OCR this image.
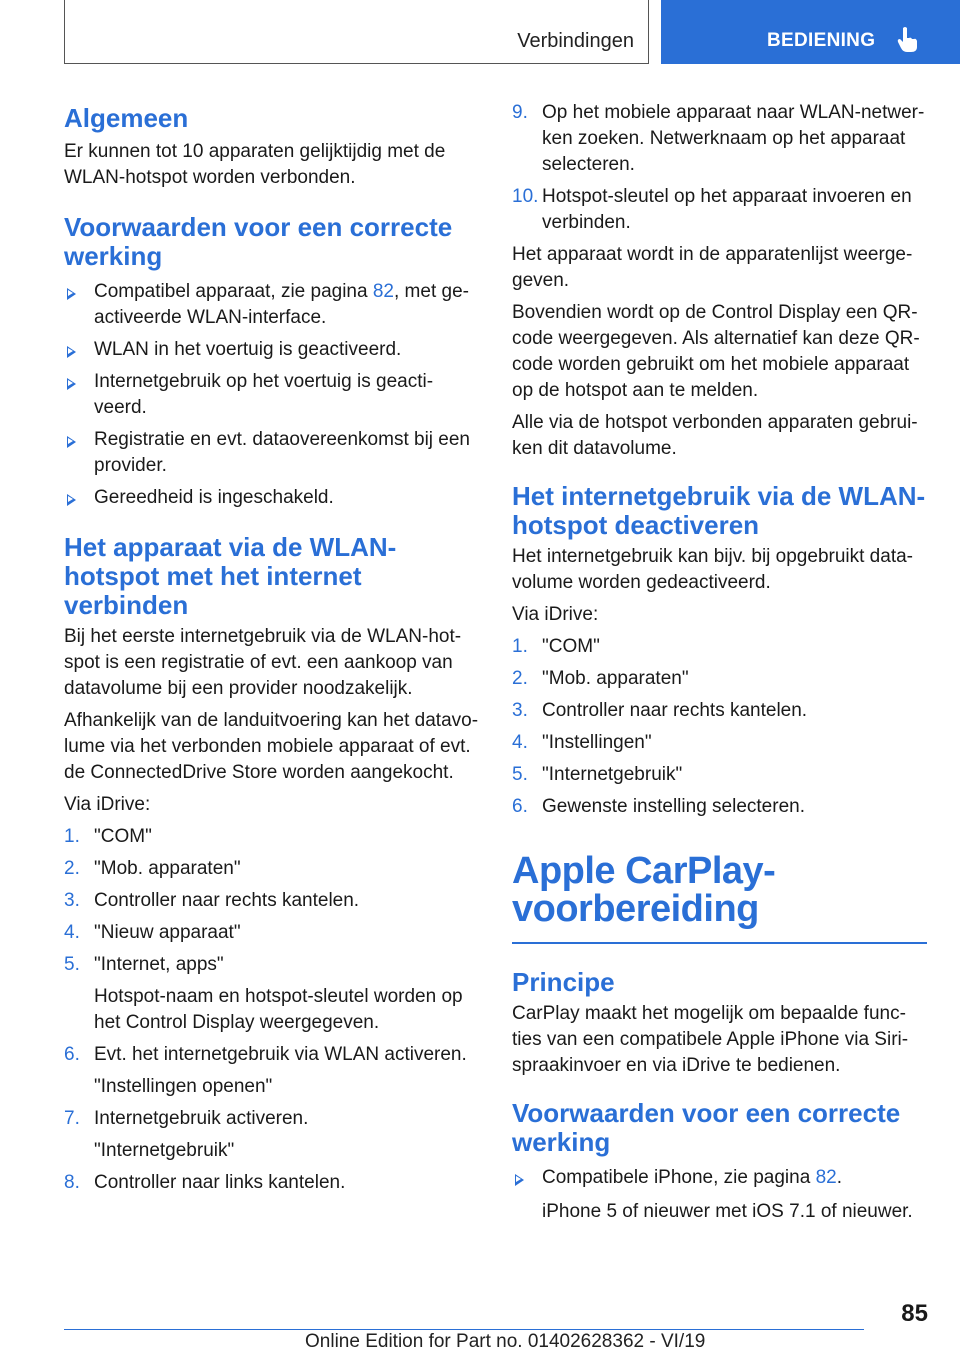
Verbindingen	BEDIENING
Algemeen

Er kunnen tot 10 apparaten gelijktijdig met de WLAN-hotspot worden verbonden.

Voorwaarden voor een correcte werking
Compatibel apparaat, zie pagina 82, met geactiveerde WLAN-interface.
WLAN in het voertuig is geactiveerd.
Internetgebruik op het voertuig is geactiveerd.
Registratie en evt. dataovereenkomst bij een provider.
Gereedheid is ingeschakeld.
Het apparaat via de WLAN-hotspot met het internet verbinden

Bij het eerste internetgebruik via de WLAN-hotspot is een registratie of evt. een aankoop van datavolume bij een provider noodzakelijk.

Afhankelijk van de landuitvoering kan het datavolume via het verbonden mobiele apparaat of evt. de ConnectedDrive Store worden aangekocht.

Via iDrive:

1. "COM"
2. "Mob. apparaten"
3. Controller naar rechts kantelen.
4. "Nieuw apparaat"
5. "Internet, apps"
Hotspot-naam en hotspot-sleutel worden op het Control Display weergegeven.
6. Evt. het internetgebruik via WLAN activeren.
"Instellingen openen"
7. Internetgebruik activeren.
"Internetgebruik"
8. Controller naar links kantelen.
9. Op het mobiele apparaat naar WLAN-netwerken zoeken. Netwerknaam op het apparaat selecteren.
10. Hotspot-sleutel op het apparaat invoeren en verbinden.

Het apparaat wordt in de apparatenlijst weergegeven.

Bovendien wordt op de Control Display een QR-code weergegeven. Als alternatief kan deze QR-code worden gebruikt om het mobiele apparaat op de hotspot aan te melden.

Alle via de hotspot verbonden apparaten gebruiken dit datavolume.

Het internetgebruik via de WLAN-hotspot deactiveren

Het internetgebruik kan bijv. bij opgebruikt datavolume worden gedeactiveerd.

Via iDrive:

1. "COM"
2. "Mob. apparaten"
3. Controller naar rechts kantelen.
4. "Instellingen"
5. "Internetgebruik"
6. Gewenste instelling selecteren.
Apple CarPlay-voorbereiding
Principe

CarPlay maakt het mogelijk om bepaalde functies van een compatibele Apple iPhone via Siri-spraakinvoer en via iDrive te bedienen.

Voorwaarden voor een correcte werking
Compatibele iPhone, zie pagina 82.

iPhone 5 of nieuwer met iOS 7.1 of nieuwer.

85
Online Edition for Part no. 01402628362 - VI/19
